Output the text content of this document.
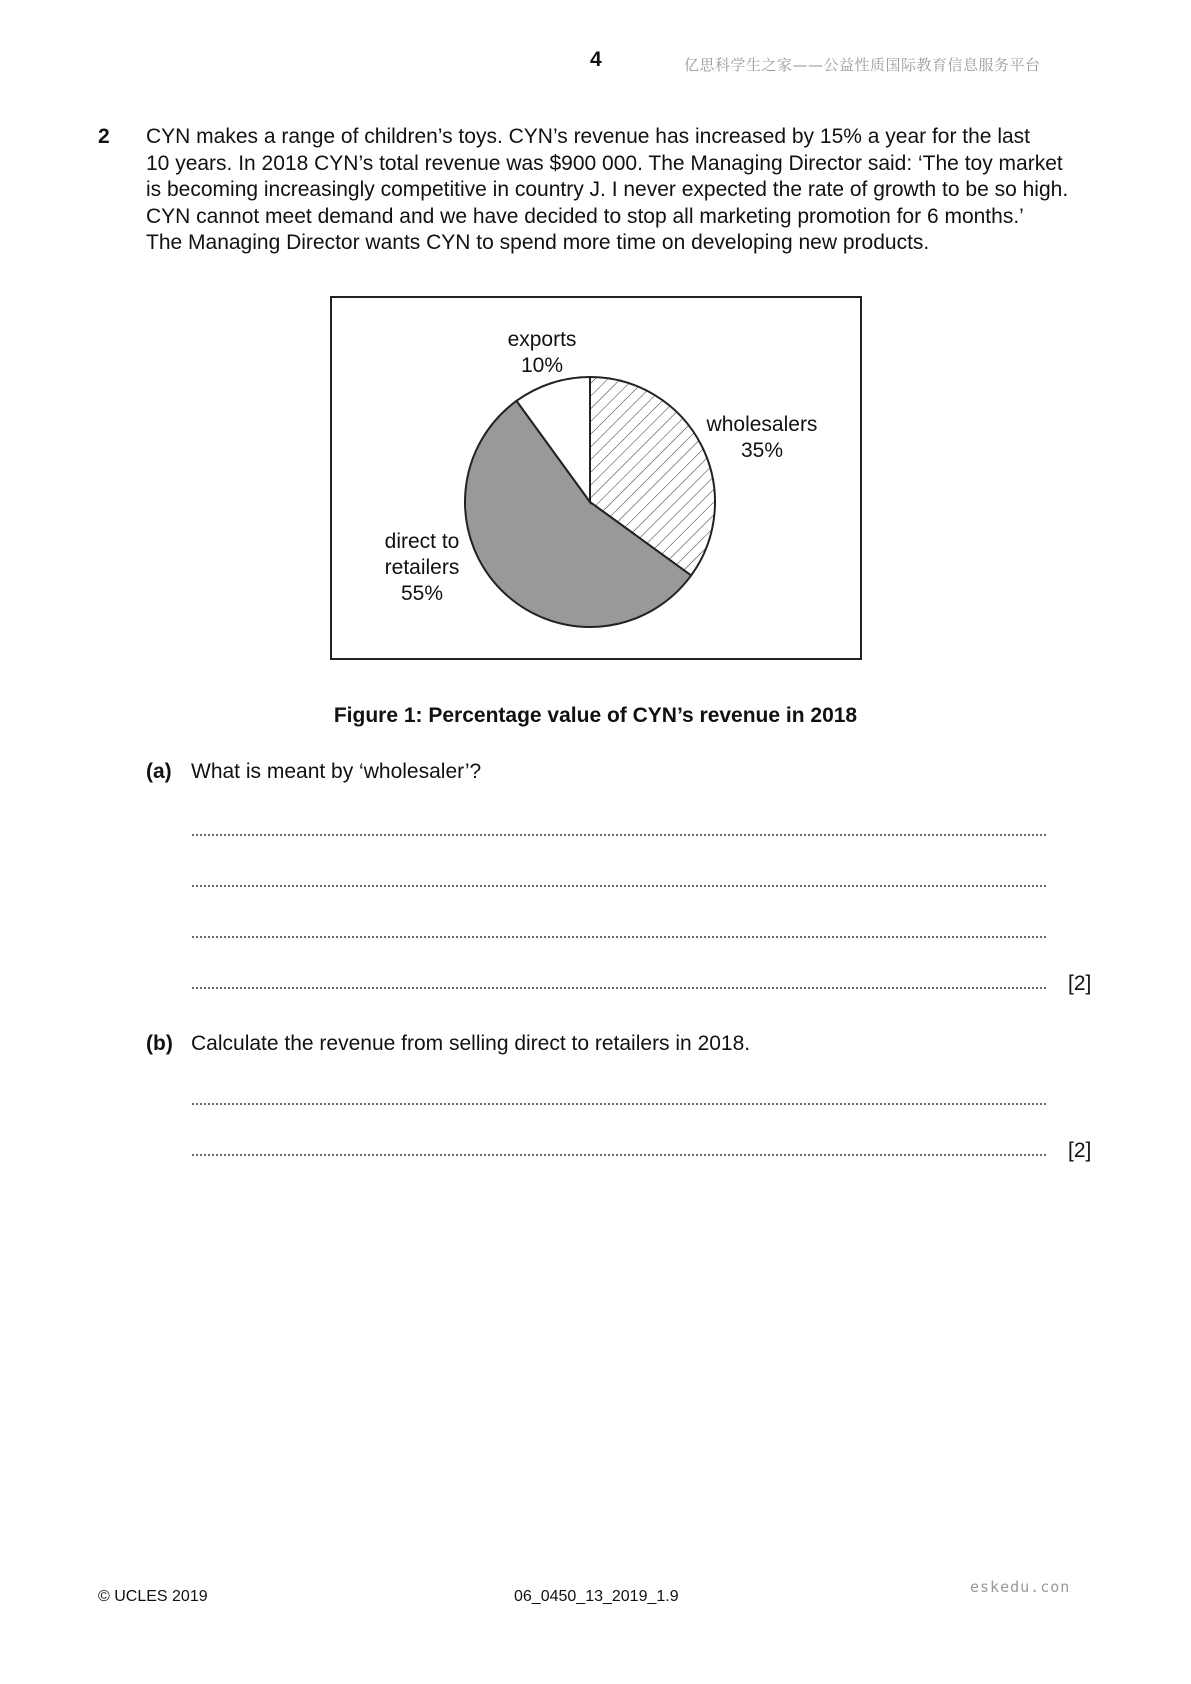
4	亿思科学生之家——公益性质国际教育信息服务平台
2 CYN makes a range of children’s toys. CYN’s revenue has increased by 15% a year for the last
10 years. In 2018 CYN’s total revenue was $900 000. The Managing Director said: ‘The toy market
is becoming increasingly competitive in country J. I never expected the rate of growth to be so high.
CYN cannot meet demand and we have decided to stop all marketing promotion for 6 months.’
The Managing Director wants CYN to spend more time on developing new products.
wholesalers 35%
direct to retailers 55%
exports 10%
Figure 1: Percentage value of CYN’s revenue in 2018
(a) What is meant by ‘wholesaler’?
[2]
(b) Calculate the revenue from selling direct to retailers in 2018.
[2]
© UCLES 2019	06_0450_13_2019_1.9
eskedu.con
